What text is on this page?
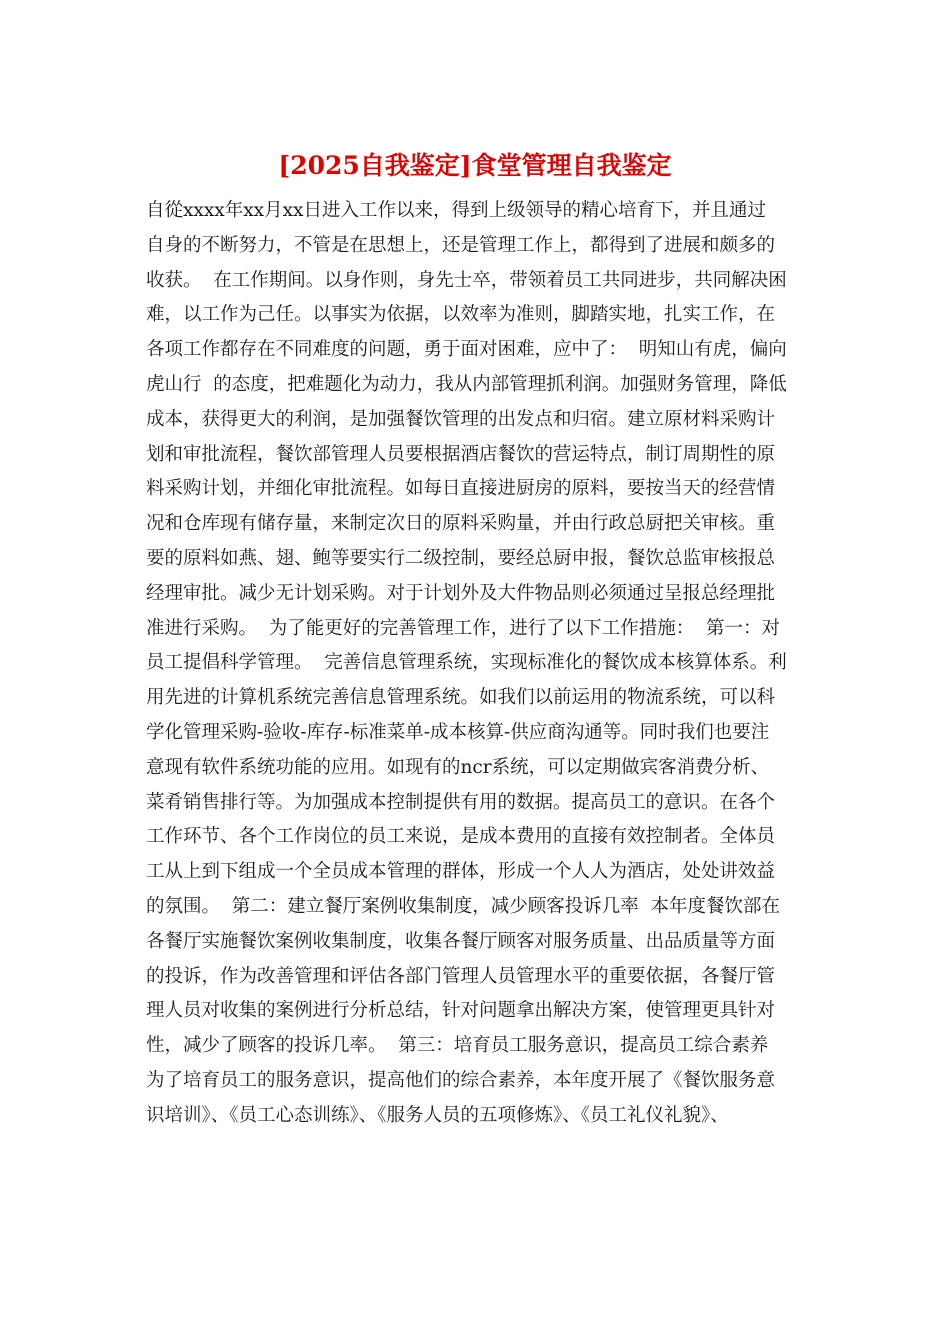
[2025自我鉴定]食堂管理自我鉴定
自從xxxx年xx月xx日进入工作以来，得到上级领导的精心培育下，并且通过
自身的不断努力，不管是在思想上，还是管理工作上，都得到了进展和颇多的
收获。  在工作期间。以身作则，身先士卒，带领着员工共同进步，共同解决困
难，以工作为己任。以事实为依据，以效率为准则，脚踏实地，扎实工作，在
各项工作都存在不同难度的问题，勇于面对困难，应中了：  明知山有虎，偏向
虎山行  的态度，把难题化为动力，我从内部管理抓利润。加强财务管理，降低
成本，获得更大的利润，是加强餐饮管理的出发点和归宿。建立原材料采购计
划和审批流程，餐饮部管理人员要根据酒店餐饮的营运特点，制订周期性的原
料采购计划，并细化审批流程。如每日直接进厨房的原料，要按当天的经营情
况和仓库现有储存量，来制定次日的原料采购量，并由行政总厨把关审核。重
要的原料如燕、翅、鲍等要实行二级控制，要经总厨申报，餐饮总监审核报总
经理审批。减少无计划采购。对于计划外及大件物品则必须通过呈报总经理批
准进行采购。  为了能更好的完善管理工作，进行了以下工作措施：  第一：对
员工提倡科学管理。  完善信息管理系统，实现标准化的餐饮成本核算体系。利
用先进的计算机系统完善信息管理系统。如我们以前运用的物流系统，可以科
学化管理采购-验收-库存-标准菜单-成本核算-供应商沟通等。同时我们也要注
意现有软件系统功能的应用。如现有的ncr系统，可以定期做宾客消费分析、
菜肴销售排行等。为加强成本控制提供有用的数据。提高员工的意识。在各个
工作环节、各个工作岗位的员工来说，是成本费用的直接有效控制者。全体员
工从上到下组成一个全员成本管理的群体，形成一个人人为酒店，处处讲效益
的氛围。  第二：建立餐厅案例收集制度，减少顾客投诉几率  本年度餐饮部在
各餐厅实施餐饮案例收集制度，收集各餐厅顾客对服务质量、出品质量等方面
的投诉，作为改善管理和评估各部门管理人员管理水平的重要依据，各餐厅管
理人员对收集的案例进行分析总结，针对问题拿出解决方案，使管理更具针对
性，减少了顾客的投诉几率。  第三：培育员工服务意识，提高员工综合素养
为了培育员工的服务意识，提高他们的综合素养，本年度开展了《餐饮服务意
识培训》、《员工心态训练》、《服务人员的五项修炼》、《员工礼仪礼貌》、
